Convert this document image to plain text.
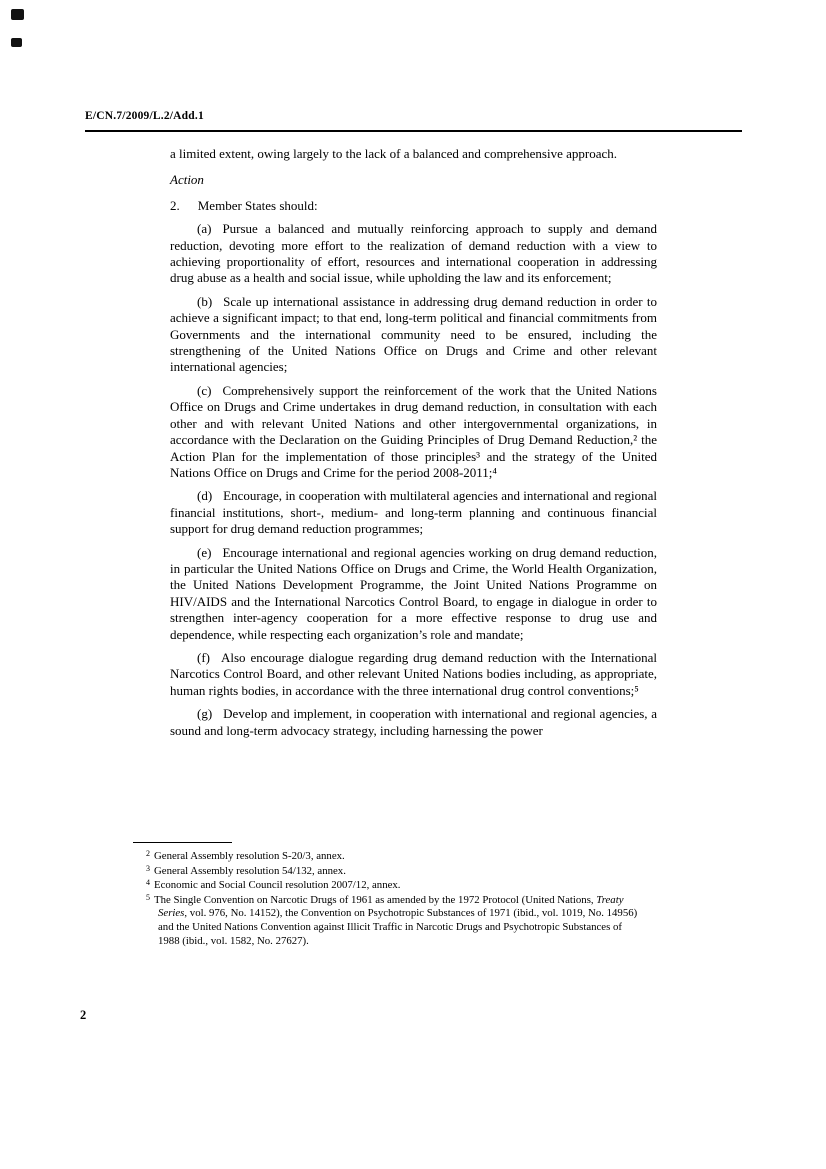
E/CN.7/2009/L.2/Add.1

a limited extent, owing largely to the lack of a balanced and comprehensive approach.

Action

2. Member States should:

(a) Pursue a balanced and mutually reinforcing approach to supply and demand reduction, devoting more effort to the realization of demand reduction with a view to achieving proportionality of effort, resources and international cooperation in addressing drug abuse as a health and social issue, while upholding the law and its enforcement;

(b) Scale up international assistance in addressing drug demand reduction in order to achieve a significant impact; to that end, long-term political and financial commitments from Governments and the international community need to be ensured, including the strengthening of the United Nations Office on Drugs and Crime and other relevant international agencies;

(c) Comprehensively support the reinforcement of the work that the United Nations Office on Drugs and Crime undertakes in drug demand reduction, in consultation with each other and with relevant United Nations and other intergovernmental organizations, in accordance with the Declaration on the Guiding Principles of Drug Demand Reduction,² the Action Plan for the implementation of those principles³ and the strategy of the United Nations Office on Drugs and Crime for the period 2008-2011;⁴

(d) Encourage, in cooperation with multilateral agencies and international and regional financial institutions, short-, medium- and long-term planning and continuous financial support for drug demand reduction programmes;

(e) Encourage international and regional agencies working on drug demand reduction, in particular the United Nations Office on Drugs and Crime, the World Health Organization, the United Nations Development Programme, the Joint United Nations Programme on HIV/AIDS and the International Narcotics Control Board, to engage in dialogue in order to strengthen inter-agency cooperation for a more effective response to drug use and dependence, while respecting each organization’s role and mandate;

(f) Also encourage dialogue regarding drug demand reduction with the International Narcotics Control Board, and other relevant United Nations bodies including, as appropriate, human rights bodies, in accordance with the three international drug control conventions;⁵

(g) Develop and implement, in cooperation with international and regional agencies, a sound and long-term advocacy strategy, including harnessing the power

$^2$ General Assembly resolution S-20/3, annex.

$^3$ General Assembly resolution 54/132, annex.

$^4$ Economic and Social Council resolution 2007/12, annex.

$^5$ The Single Convention on Narcotic Drugs of 1961 as amended by the 1972 Protocol (United Nations, Treaty Series, vol. 976, No. 14152), the Convention on Psychotropic Substances of 1971 (ibid., vol. 1019, No. 14956) and the United Nations Convention against Illicit Traffic in Narcotic Drugs and Psychotropic Substances of 1988 (ibid., vol. 1582, No. 27627).

2
